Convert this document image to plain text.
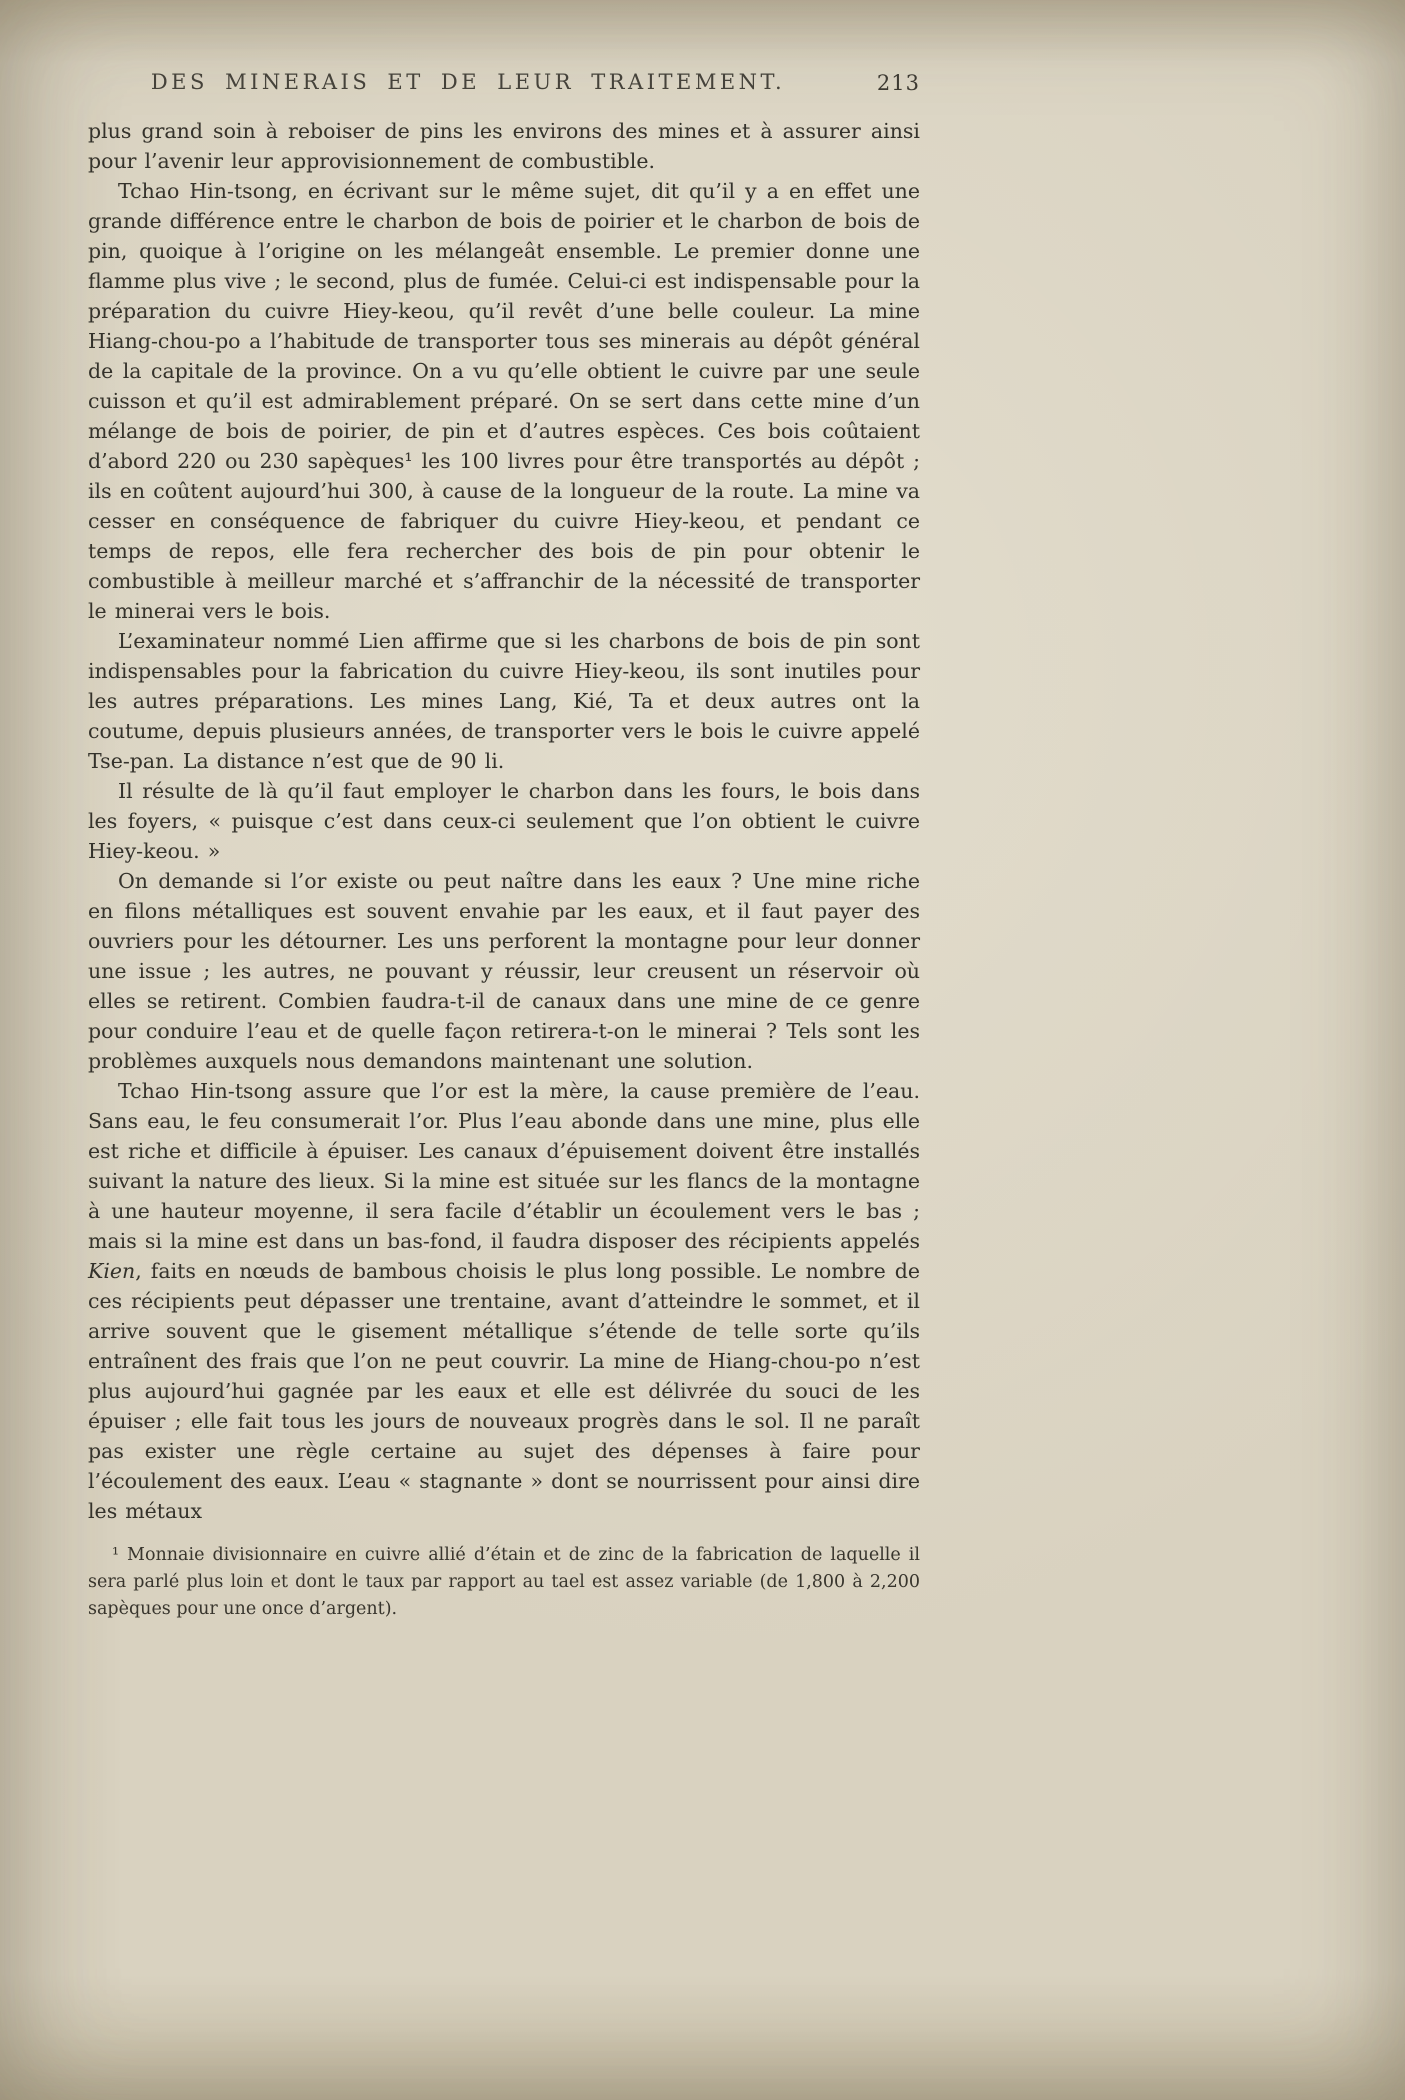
DES MINERAIS ET DE LEUR TRAITEMENT.	213

plus grand soin à reboiser de pins les environs des mines et à assurer ainsi pour l’avenir leur approvisionnement de combustible.

Tchao Hin-tsong, en écrivant sur le même sujet, dit qu’il y a en effet une grande différence entre le charbon de bois de poirier et le charbon de bois de pin, quoique à l’origine on les mélangeât ensemble. Le premier donne une flamme plus vive ; le second, plus de fumée. Celui-ci est indispensable pour la préparation du cuivre Hiey-keou, qu’il revêt d’une belle couleur. La mine Hiang-chou-po a l’habitude de transporter tous ses minerais au dépôt général de la capitale de la province. On a vu qu’elle obtient le cuivre par une seule cuisson et qu’il est admirablement préparé. On se sert dans cette mine d’un mélange de bois de poirier, de pin et d’autres espèces. Ces bois coûtaient d’abord 220 ou 230 sapèques¹ les 100 livres pour être transportés au dépôt ; ils en coûtent aujourd’hui 300, à cause de la longueur de la route. La mine va cesser en conséquence de fabriquer du cuivre Hiey-keou, et pendant ce temps de repos, elle fera rechercher des bois de pin pour obtenir le combustible à meilleur marché et s’affranchir de la nécessité de transporter le minerai vers le bois.

L’examinateur nommé Lien affirme que si les charbons de bois de pin sont indispensables pour la fabrication du cuivre Hiey-keou, ils sont inutiles pour les autres préparations. Les mines Lang, Kié, Ta et deux autres ont la coutume, depuis plusieurs années, de transporter vers le bois le cuivre appelé Tse-pan. La distance n’est que de 90 li.

Il résulte de là qu’il faut employer le charbon dans les fours, le bois dans les foyers, « puisque c’est dans ceux-ci seulement que l’on obtient le cuivre Hiey-keou. »

On demande si l’or existe ou peut naître dans les eaux ? Une mine riche en filons métalliques est souvent envahie par les eaux, et il faut payer des ouvriers pour les détourner. Les uns perforent la montagne pour leur donner une issue ; les autres, ne pouvant y réussir, leur creusent un réservoir où elles se retirent. Combien faudra-t-il de canaux dans une mine de ce genre pour conduire l’eau et de quelle façon retirera-t-on le minerai ? Tels sont les problèmes auxquels nous demandons maintenant une solution.

Tchao Hin-tsong assure que l’or est la mère, la cause première de l’eau. Sans eau, le feu consumerait l’or. Plus l’eau abonde dans une mine, plus elle est riche et difficile à épuiser. Les canaux d’épuisement doivent être installés suivant la nature des lieux. Si la mine est située sur les flancs de la montagne à une hauteur moyenne, il sera facile d’établir un écoulement vers le bas ; mais si la mine est dans un bas-fond, il faudra disposer des récipients appelés Kien, faits en nœuds de bambous choisis le plus long possible. Le nombre de ces récipients peut dépasser une trentaine, avant d’atteindre le sommet, et il arrive souvent que le gisement métallique s’étende de telle sorte qu’ils entraînent des frais que l’on ne peut couvrir. La mine de Hiang-chou-po n’est plus aujourd’hui gagnée par les eaux et elle est délivrée du souci de les épuiser ; elle fait tous les jours de nouveaux progrès dans le sol. Il ne paraît pas exister une règle certaine au sujet des dépenses à faire pour l’écoulement des eaux. L’eau « stagnante » dont se nourrissent pour ainsi dire les métaux

¹ Monnaie divisionnaire en cuivre allié d’étain et de zinc de la fabrication de laquelle il sera parlé plus loin et dont le taux par rapport au tael est assez variable (de 1,800 à 2,200 sapèques pour une once d’argent).
